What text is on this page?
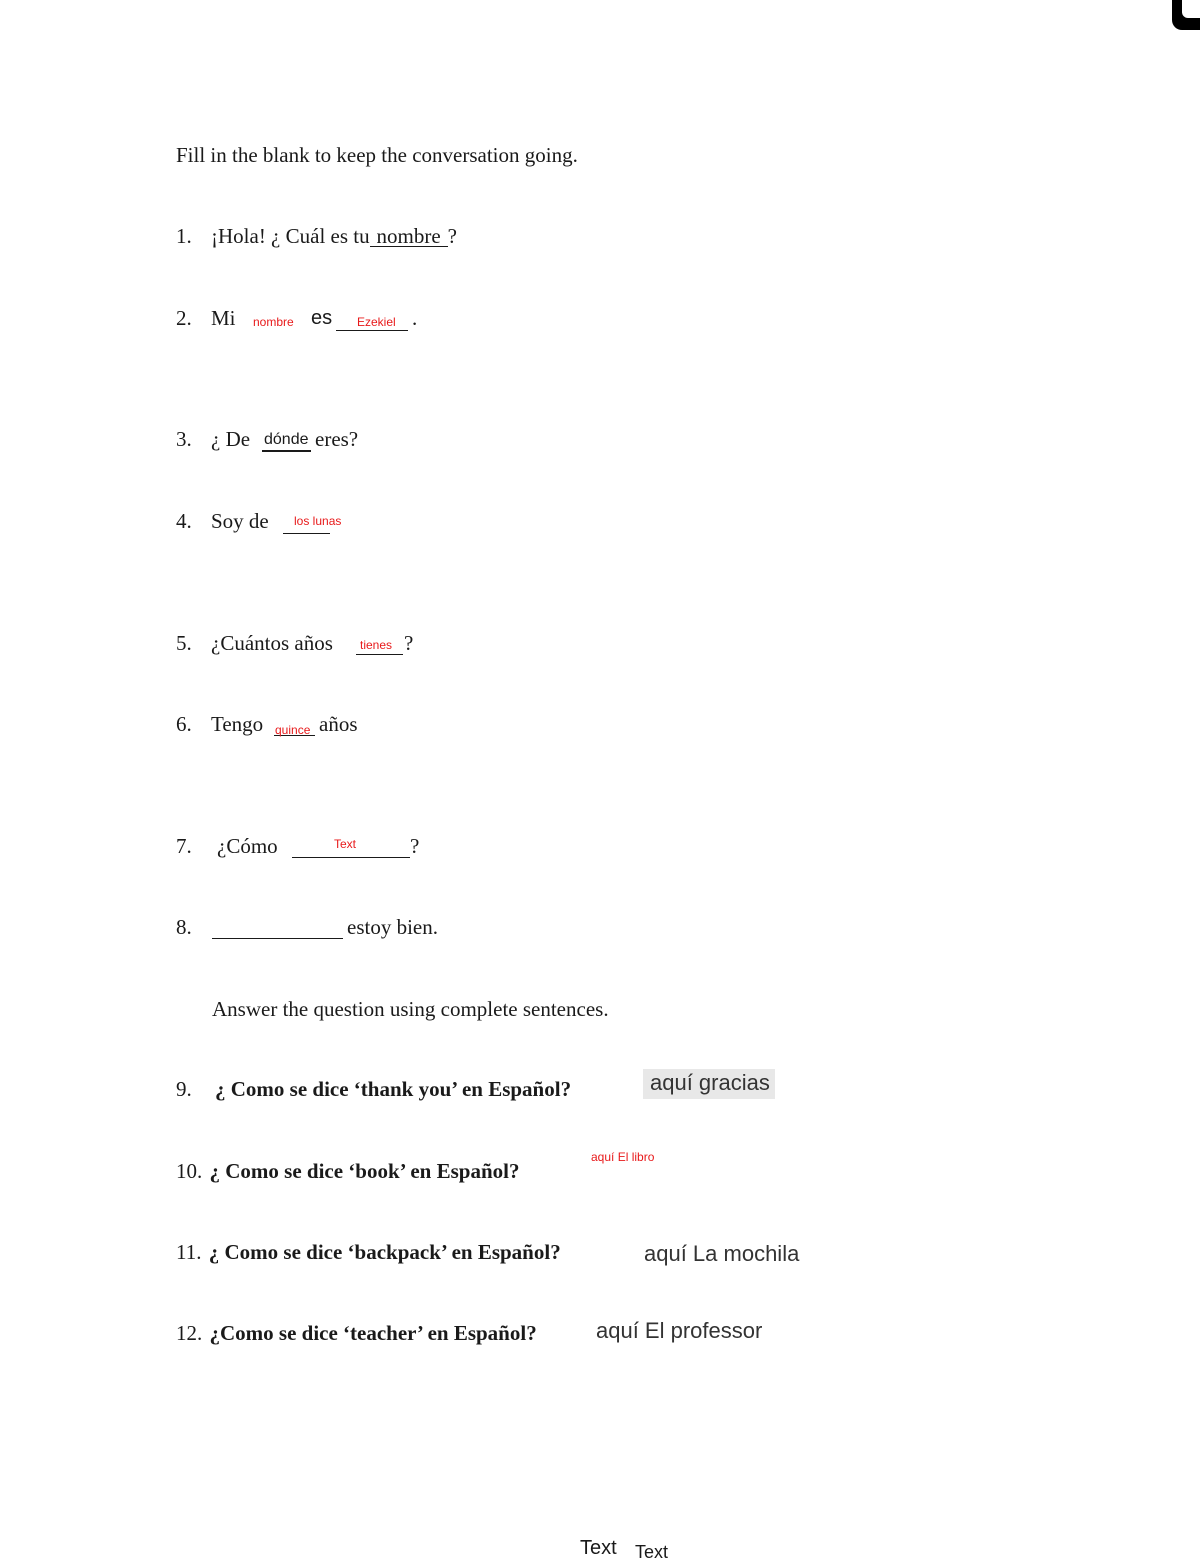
Fill in the blank to keep the conversation going.
1. ¡Hola! ¿ Cuál es tu nombre ?
2. Mi nombre es Ezekiel .
3. ¿ De dónde eres?
4. Soy de los lunas
5. ¿Cuántos años tienes ?
6. Tengo quince años
7. ¿Cómo	Text	?
8.	estoy bien.
Answer the question using complete sentences.
9. ¿ Como se dice ‘thank you’ en Español?	aquí gracias
10. ¿ Como se dice ‘book’ en Español?
aquí El libro
11. ¿ Como se dice ‘backpack’ en Español?	aquí La mochila
12. ¿Como se dice ‘teacher’ en Español?	aquí El professor
Text Text
